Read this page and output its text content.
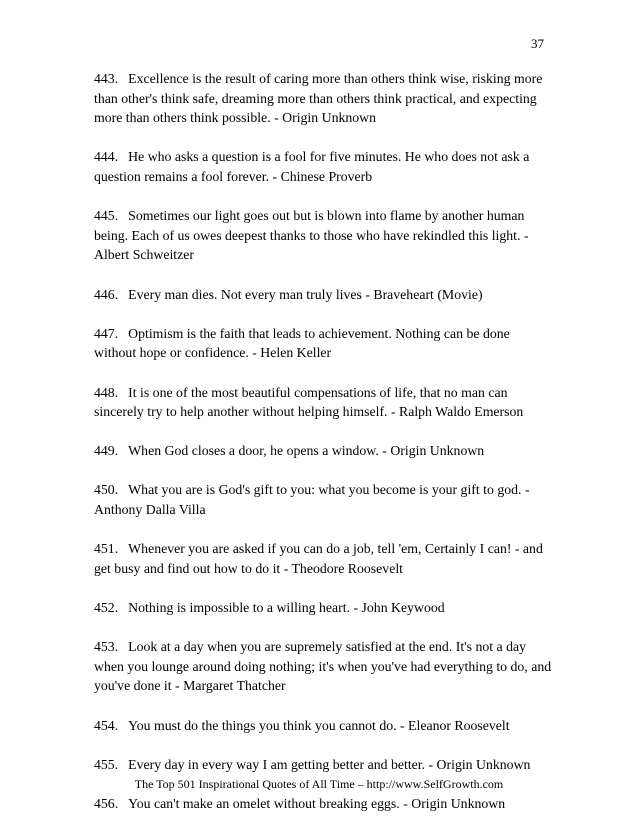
37
443. Excellence is the result of caring more than others think wise, risking more than other's think safe, dreaming more than others think practical, and expecting more than others think possible. - Origin Unknown
444. He who asks a question is a fool for five minutes. He who does not ask a question remains a fool forever. - Chinese Proverb
445. Sometimes our light goes out but is blown into flame by another human being. Each of us owes deepest thanks to those who have rekindled this light. - Albert Schweitzer
446. Every man dies. Not every man truly lives - Braveheart (Movie)
447. Optimism is the faith that leads to achievement. Nothing can be done without hope or confidence. - Helen Keller
448. It is one of the most beautiful compensations of life, that no man can sincerely try to help another without helping himself. - Ralph Waldo Emerson
449. When God closes a door, he opens a window. - Origin Unknown
450. What you are is God's gift to you: what you become is your gift to god. - Anthony Dalla Villa
451. Whenever you are asked if you can do a job, tell 'em, Certainly I can! - and get busy and find out how to do it - Theodore Roosevelt
452. Nothing is impossible to a willing heart. - John Keywood
453. Look at a day when you are supremely satisfied at the end. It's not a day when you lounge around doing nothing; it's when you've had everything to do, and you've done it - Margaret Thatcher
454. You must do the things you think you cannot do. - Eleanor Roosevelt
455. Every day in every way I am getting better and better. - Origin Unknown
456. You can't make an omelet without breaking eggs. - Origin Unknown
The Top 501 Inspirational Quotes of All Time – http://www.SelfGrowth.com
